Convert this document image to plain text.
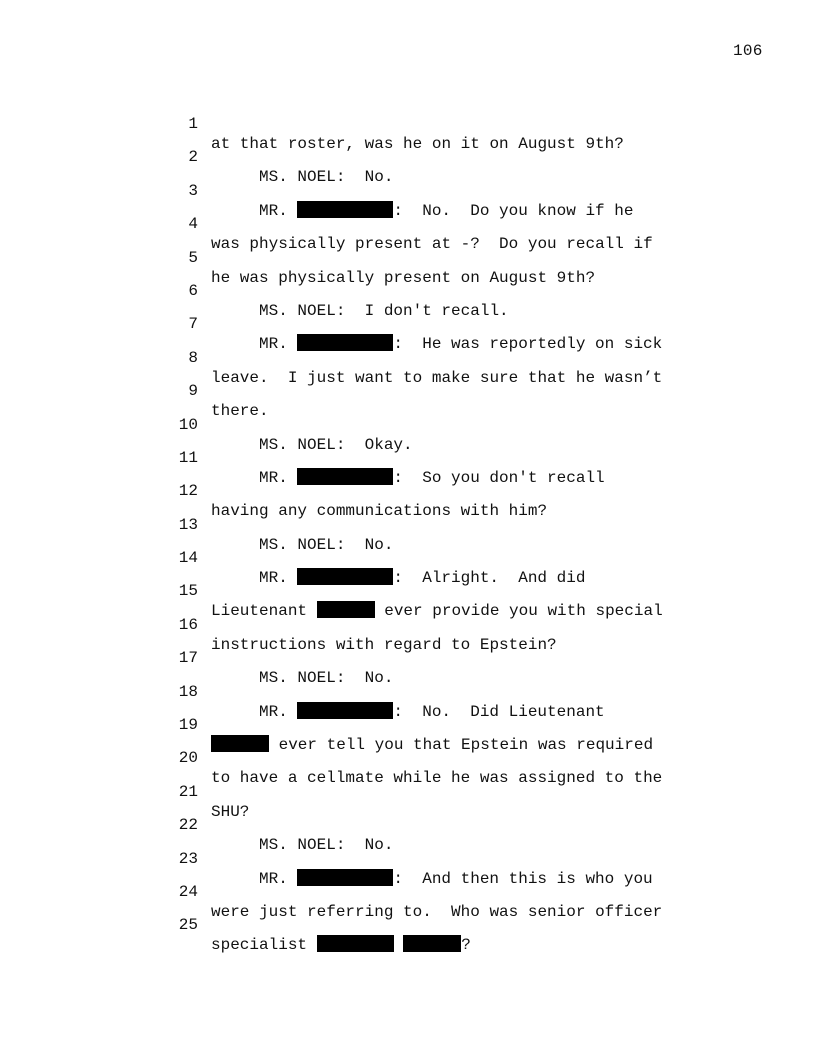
106

1

at that roster, was he on it on August 9th?

2

MS. NOEL:  No.

3

MR.	:  No.  Do you know if he

4

was physically present at -?  Do you recall if

5

he was physically present on August 9th?

6

MS. NOEL:  I don't recall.

7

MR.	:  He was reportedly on sick

8

leave.  I just want to make sure that he wasn’t

9

there.

10

MS. NOEL:  Okay.

11

MR.	:  So you don't recall

12

having any communications with him?

13

MS. NOEL:  No.

14

MR.	:  Alright.  And did

15

Lieutenant	ever provide you with special

16

instructions with regard to Epstein?

17

MS. NOEL:  No.

18

MR.	:  No.  Did Lieutenant

19

ever tell you that Epstein was required

20

to have a cellmate while he was assigned to the

21

SHU?

22

MS. NOEL:  No.

23

MR.	:  And then this is who you

24

were just referring to.  Who was senior officer

25

specialist	?
